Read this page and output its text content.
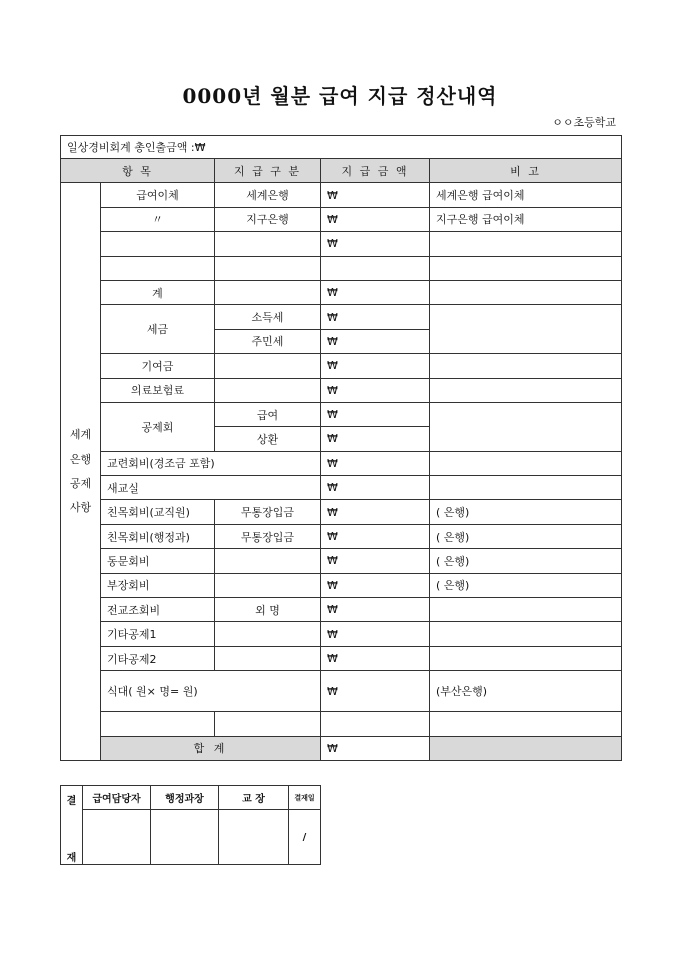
0000년 월분 급여 지급 정산내역
ㅇㅇ초등학교
일상경비회계 총인출금액 :₩				
항 목		지 급 구 분	지 급 금 액	비 고

세계
은행
공제
사항	급여이체	세계은행	₩	세계은행 급여이체
	〃	지구은행	₩	지구은행 급여이체
			₩	

	계		₩	
	세금	소득세	₩	
		주민세	₩	
	기여금		₩	
	의료보험료		₩	
	공제회	급여	₩	
		상환	₩	
	교련회비(경조금 포함)		₩	
	새교실		₩	
	친목회비(교직원)	무통장입금	₩	( 은행)
	친목회비(행정과)	무통장입금	₩	( 은행)
	동문회비		₩	( 은행)
	부장회비		₩	( 은행)
	전교조회비	외 명	₩	
	기타공제1		₩	
	기타공제2		₩	
	식대( 원× 명= 원)		₩	(부산은행)

	합 계		₩	
결
재	급여담당자	행정과장	교 장	결재일
				/
